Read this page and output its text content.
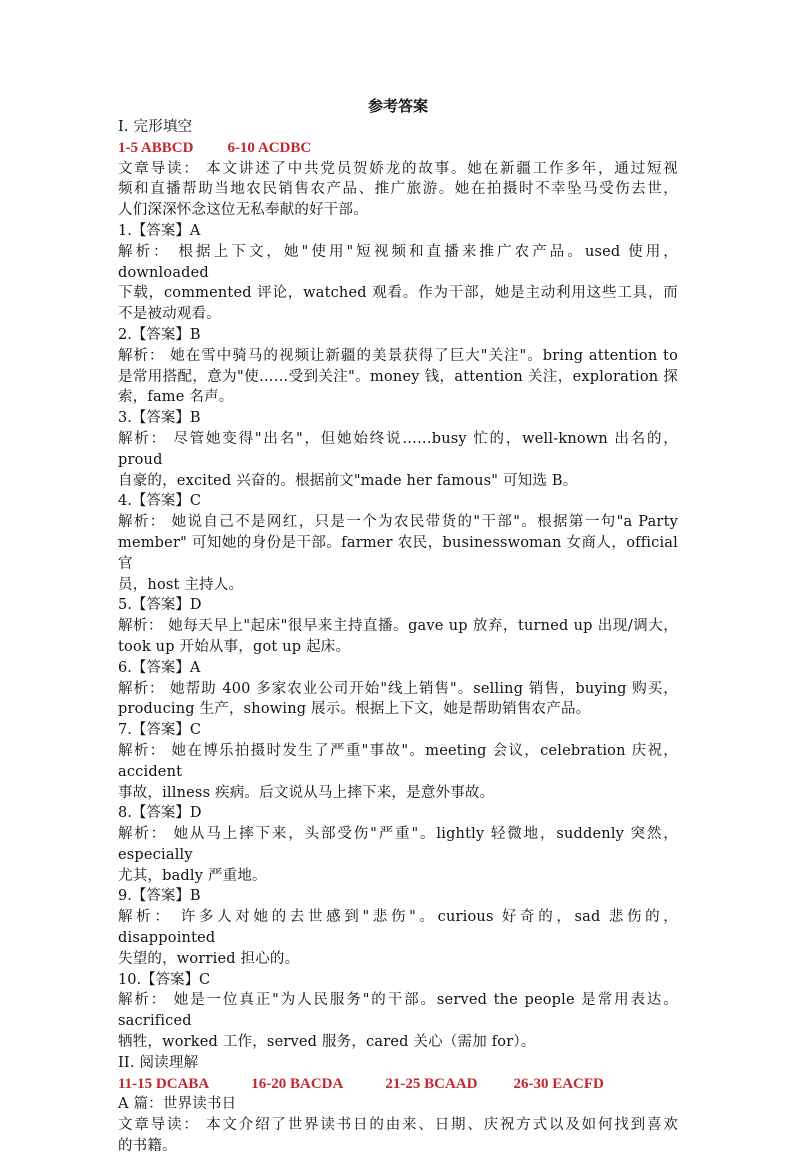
参考答案
I. 完形填空
1-5 ABBCD 6-10 ACDBC
文章导读： 本文讲述了中共党员贺娇龙的故事。她在新疆工作多年，通过短视
频和直播帮助当地农民销售农产品、推广旅游。她在拍摄时不幸坠马受伤去世，
人们深深怀念这位无私奉献的好干部。
1.【答案】A
解析： 根据上下文，她"使用"短视频和直播来推广农产品。used 使用，downloaded
下载，commented 评论，watched 观看。作为干部，她是主动利用这些工具，而
不是被动观看。
2.【答案】B
解析： 她在雪中骑马的视频让新疆的美景获得了巨大"关注"。bring attention to
是常用搭配，意为"使……受到关注"。money 钱，attention 关注，exploration 探
索，fame 名声。
3.【答案】B
解析： 尽管她变得"出名"，但她始终说……busy 忙的，well-known 出名的，proud
自豪的，excited 兴奋的。根据前文"made her famous" 可知选 B。
4.【答案】C
解析： 她说自己不是网红，只是一个为农民带货的"干部"。根据第一句"a Party
member" 可知她的身份是干部。farmer 农民，businesswoman 女商人，official 官
员，host 主持人。
5.【答案】D
解析： 她每天早上"起床"很早来主持直播。gave up 放弃，turned up 出现/调大，
took up 开始从事，got up 起床。
6.【答案】A
解析： 她帮助 400 多家农业公司开始"线上销售"。selling 销售，buying 购买，
producing 生产，showing 展示。根据上下文，她是帮助销售农产品。
7.【答案】C
解析： 她在博乐拍摄时发生了严重"事故"。meeting 会议，celebration 庆祝，accident
事故，illness 疾病。后文说从马上摔下来，是意外事故。
8.【答案】D
解析： 她从马上摔下来，头部受伤"严重"。lightly 轻微地，suddenly 突然，especially
尤其，badly 严重地。
9.【答案】B
解析： 许多人对她的去世感到"悲伤"。curious 好奇的，sad 悲伤的，disappointed
失望的，worried 担心的。
10.【答案】C
解析： 她是一位真正"为人民服务"的干部。served the people 是常用表达。sacrificed
牺牲，worked 工作，served 服务，cared 关心（需加 for）。
II. 阅读理解
11-15 DCABA	16-20 BACDA	21-25 BCAAD 26-30 EACFD
A 篇：世界读书日
文章导读： 本文介绍了世界读书日的由来、日期、庆祝方式以及如何找到喜欢
的书籍。
